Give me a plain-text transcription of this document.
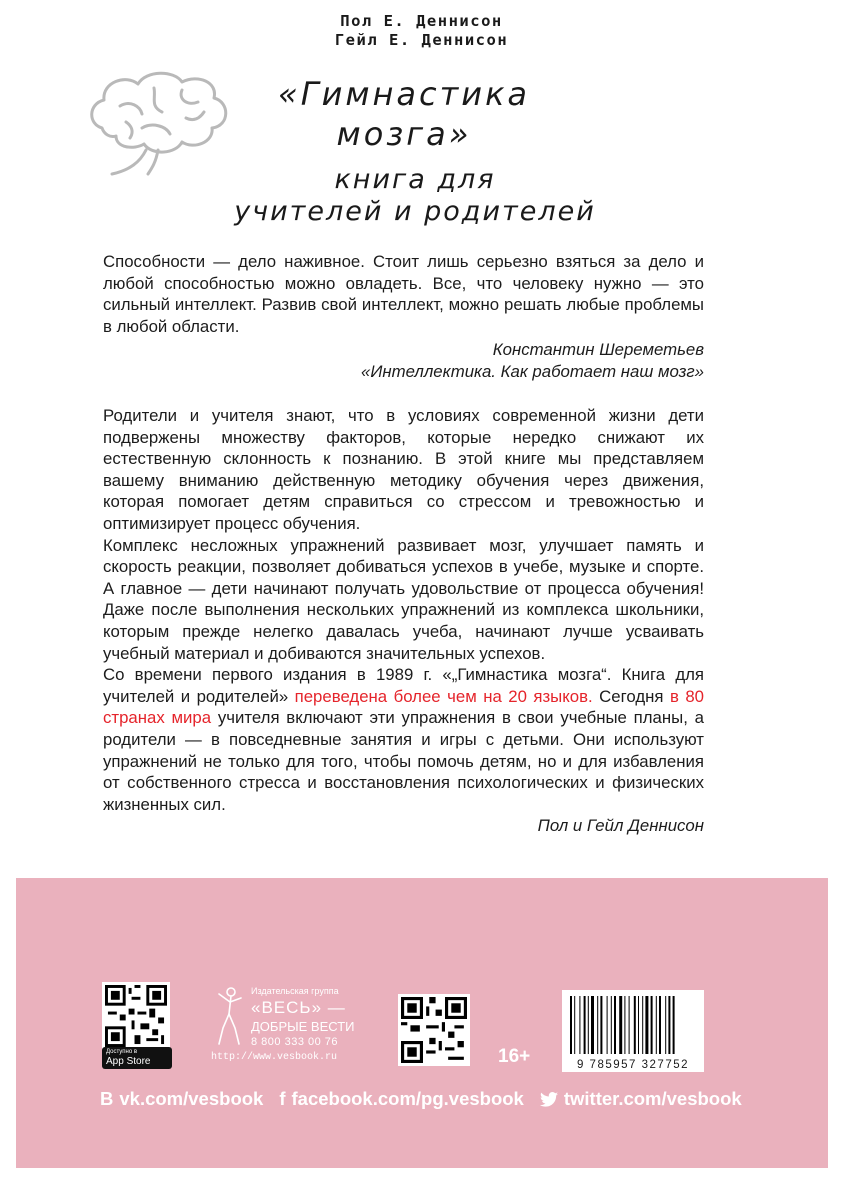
Пол Е. Деннисон
Гейл Е. Деннисон
«Гимнастика
мозга»
книга для
учителей и родителей

Способности — дело наживное. Стоит лишь серьезно взяться за дело и любой способностью можно овладеть. Все, что человеку нужно — это сильный интеллект. Развив свой интеллект, можно решать любые проблемы в любой области.

Константин Шереметьев

«Интеллектика. Как работает наш мозг»

Родители и учителя знают, что в условиях современной жизни дети подвержены множеству факторов, которые нередко снижают их естественную склонность к познанию. В этой книге мы представляем вашему вниманию действенную методику обучения через движения, которая помогает детям справиться со стрессом и тревожностью и оптимизирует процесс обучения.

Комплекс несложных упражнений развивает мозг, улучшает память и скорость реакции, позволяет добиваться успехов в учебе, музыке и спорте. А главное — дети начинают получать удовольствие от процесса обучения! Даже после выполнения нескольких упражнений из комплекса школьники, которым прежде нелегко давалась учеба, начинают лучше усваивать учебный материал и добиваются значительных успехов.

Со времени первого издания в 1989 г. «„Гимнастика мозга“. Книга для учителей и родителей» переведена более чем на 20 языков. Сегодня в 80 странах мира учителя включают эти упражнения в свои учебные планы, а родители — в повседневные занятия и игры с детьми. Они используют упражнений не только для того, чтобы помочь детям, но и для избавления от собственного стресса и восстановления психологических и физических жизненных сил.

Пол и Гейл Деннисон

Доступно в
App Store
Издательская группа
«ВЕСЬ» —
ДОБРЫЕ ВЕСТИ
8 800 333 00 76
http://www.vesbook.ru	16+	9 785957 327752
B vk.com/vesbook f facebook.com/pg.vesbook twitter.com/vesbook
